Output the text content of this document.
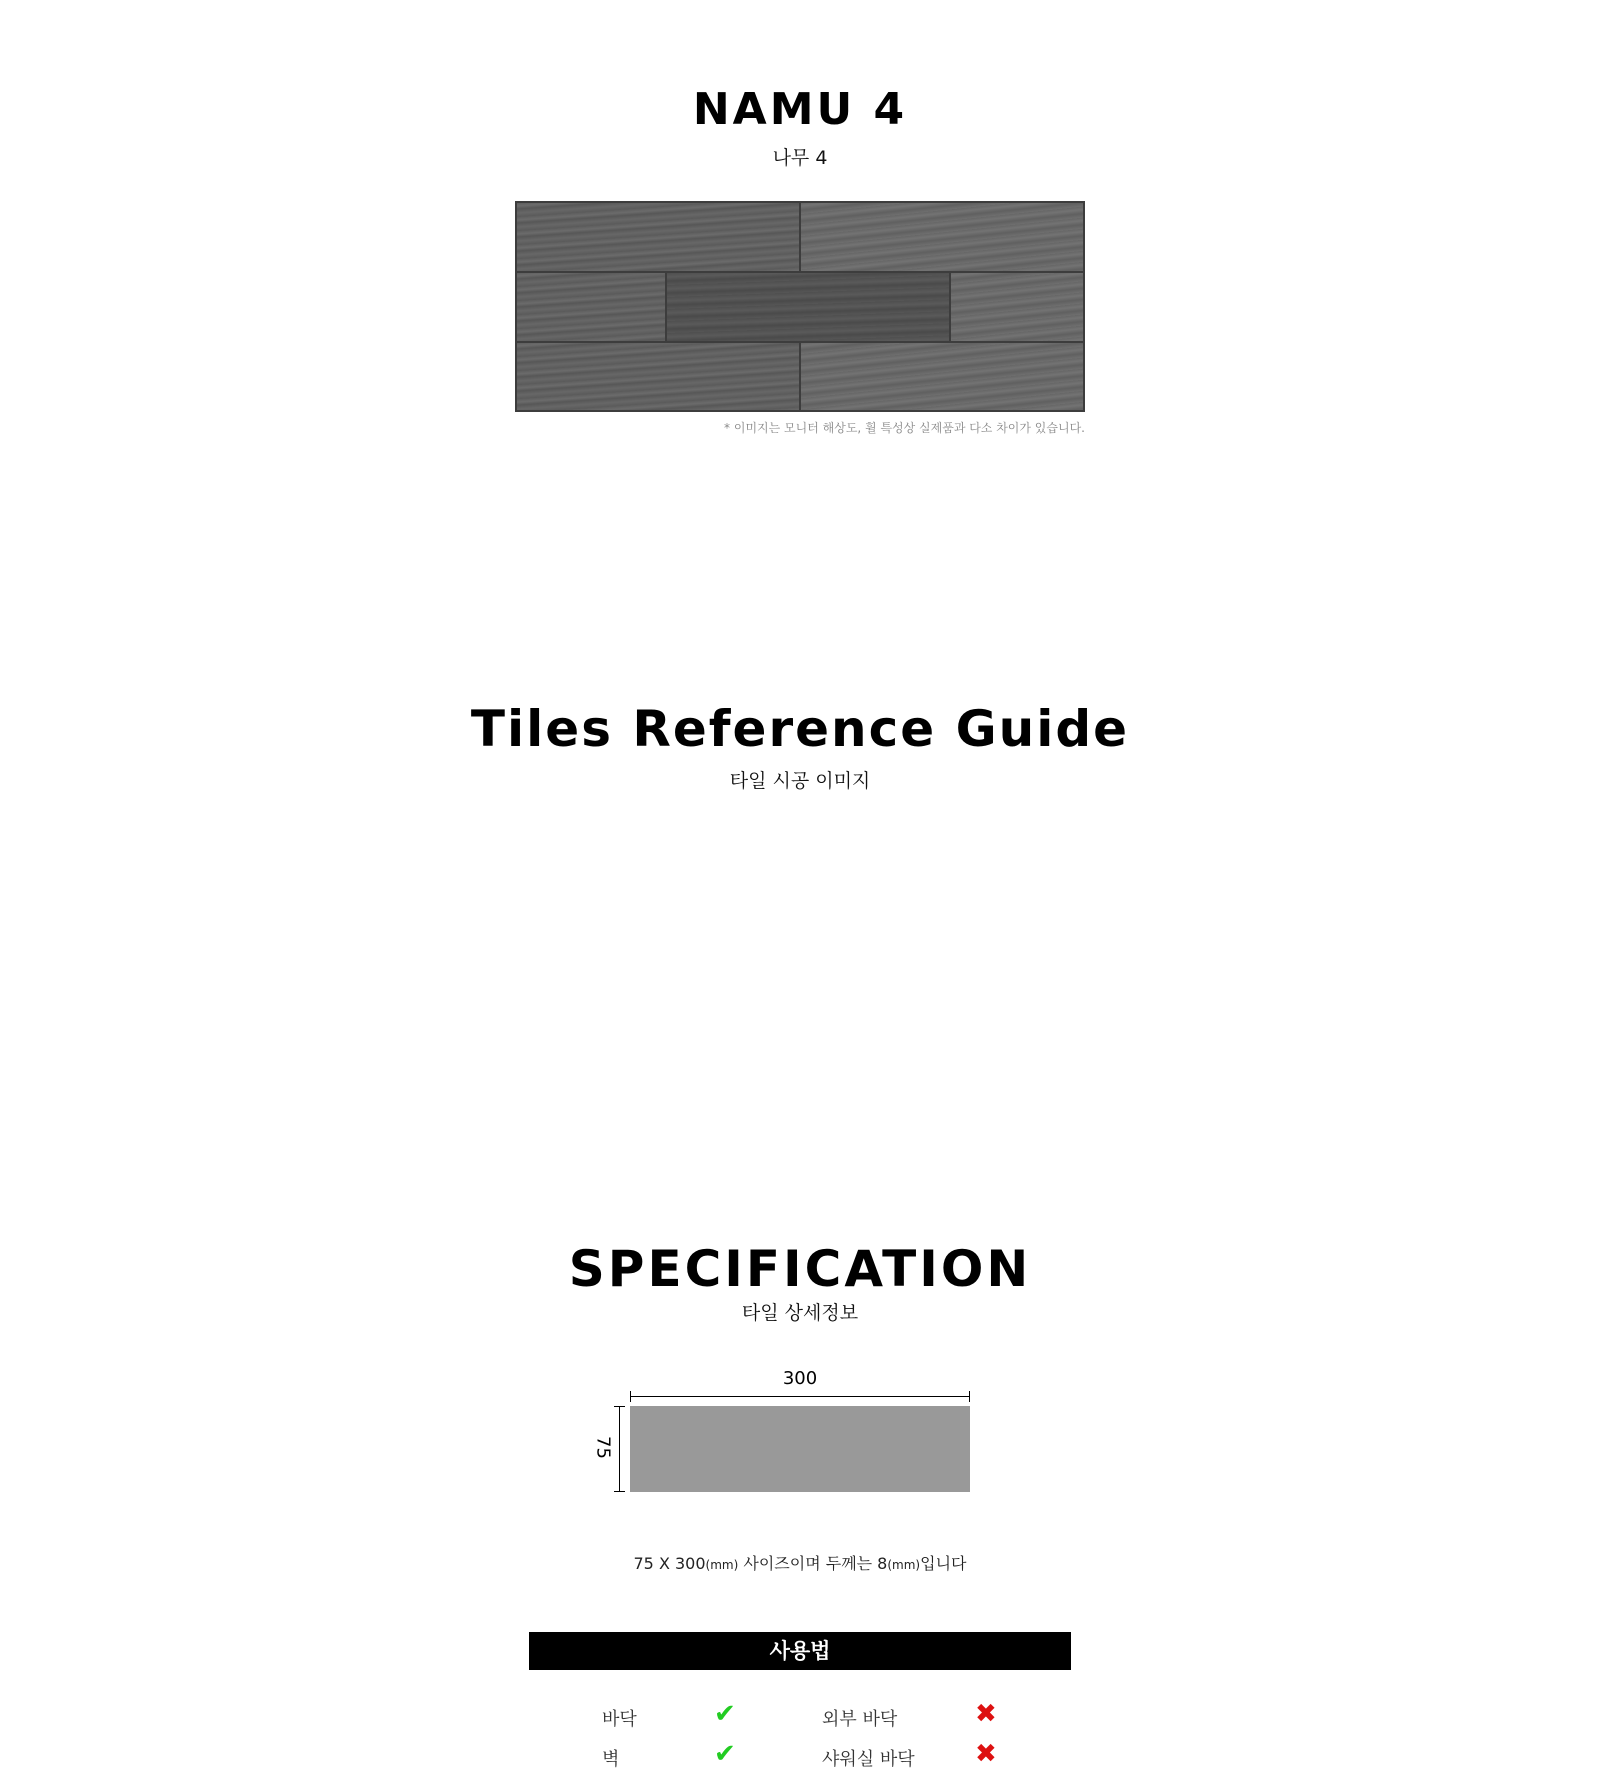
NAMU 4
나무 4
* 이미지는 모니터 해상도, 휠 특성상 실제품과 다소 차이가 있습니다.
Tiles Reference Guide
타일 시공 이미지
SPECIFICATION
타일 상세정보
300
75
75 X 300(mm) 사이즈이며 두께는 8(mm)입니다
사용법
바닥	✔	외부 바닥	✖
벽	✔	샤워실 바닥 ✖
